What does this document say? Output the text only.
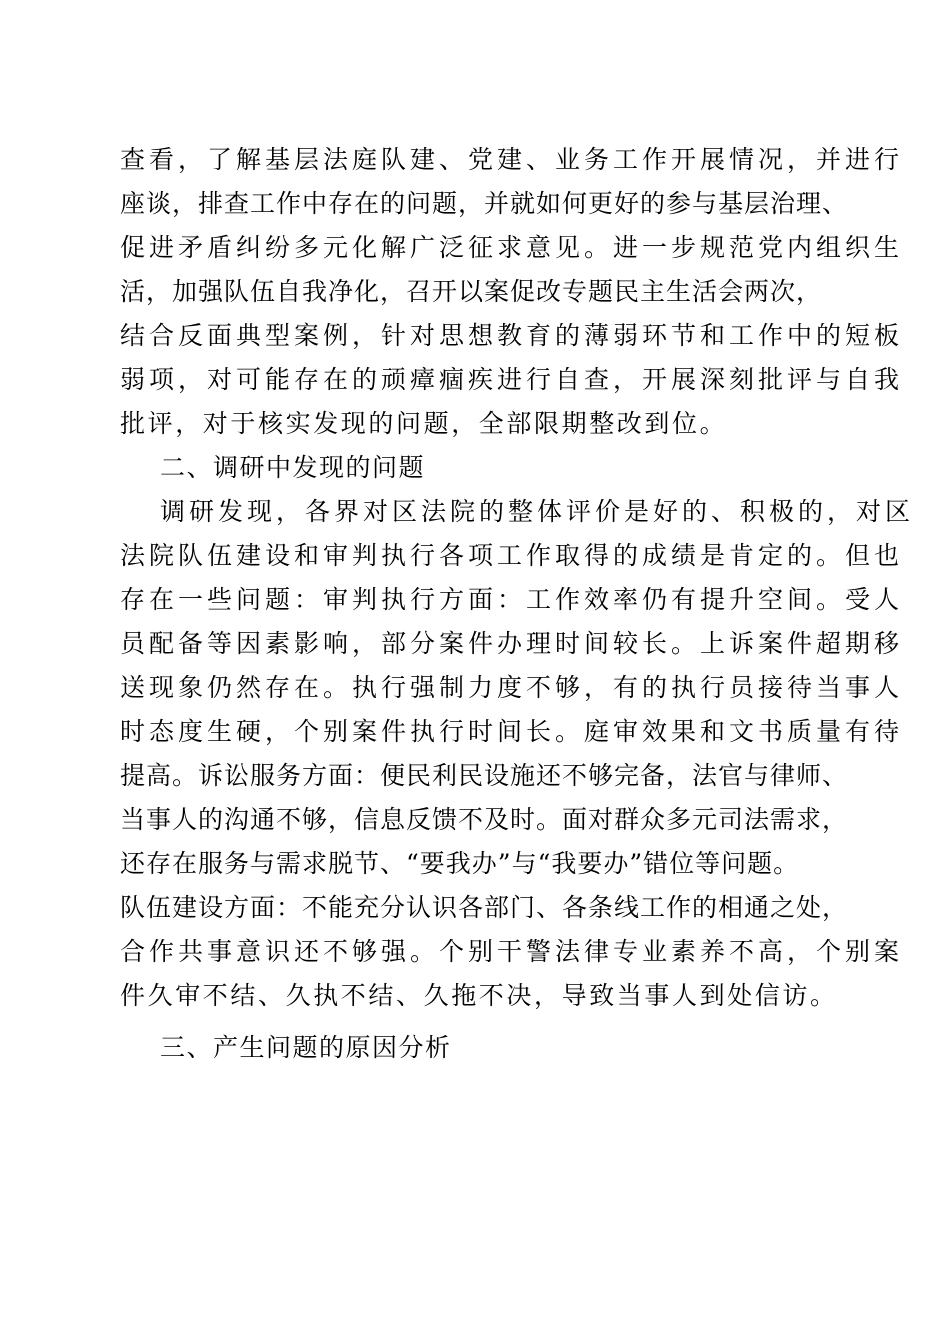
查看，了解基层法庭队建、党建、业务工作开展情况，并进行
座谈，排查工作中存在的问题，并就如何更好的参与基层治理、
促进矛盾纠纷多元化解广泛征求意见。进一步规范党内组织生
活，加强队伍自我净化，召开以案促改专题民主生活会两次，
结合反面典型案例，针对思想教育的薄弱环节和工作中的短板
弱项，对可能存在的顽瘴痼疾进行自查，开展深刻批评与自我
批评，对于核实发现的问题，全部限期整改到位。
二、调研中发现的问题
调研发现，各界对区法院的整体评价是好的、积极的，对区
法院队伍建设和审判执行各项工作取得的成绩是肯定的。但也
存在一些问题：审判执行方面：工作效率仍有提升空间。受人
员配备等因素影响，部分案件办理时间较长。上诉案件超期移
送现象仍然存在。执行强制力度不够，有的执行员接待当事人
时态度生硬，个别案件执行时间长。庭审效果和文书质量有待
提高。诉讼服务方面：便民利民设施还不够完备，法官与律师、
当事人的沟通不够，信息反馈不及时。面对群众多元司法需求，
还存在服务与需求脱节、“要我办”与“我要办”错位等问题。
队伍建设方面：不能充分认识各部门、各条线工作的相通之处，
合作共事意识还不够强。个别干警法律专业素养不高，个别案
件久审不结、久执不结、久拖不决，导致当事人到处信访。
三、产生问题的原因分析
